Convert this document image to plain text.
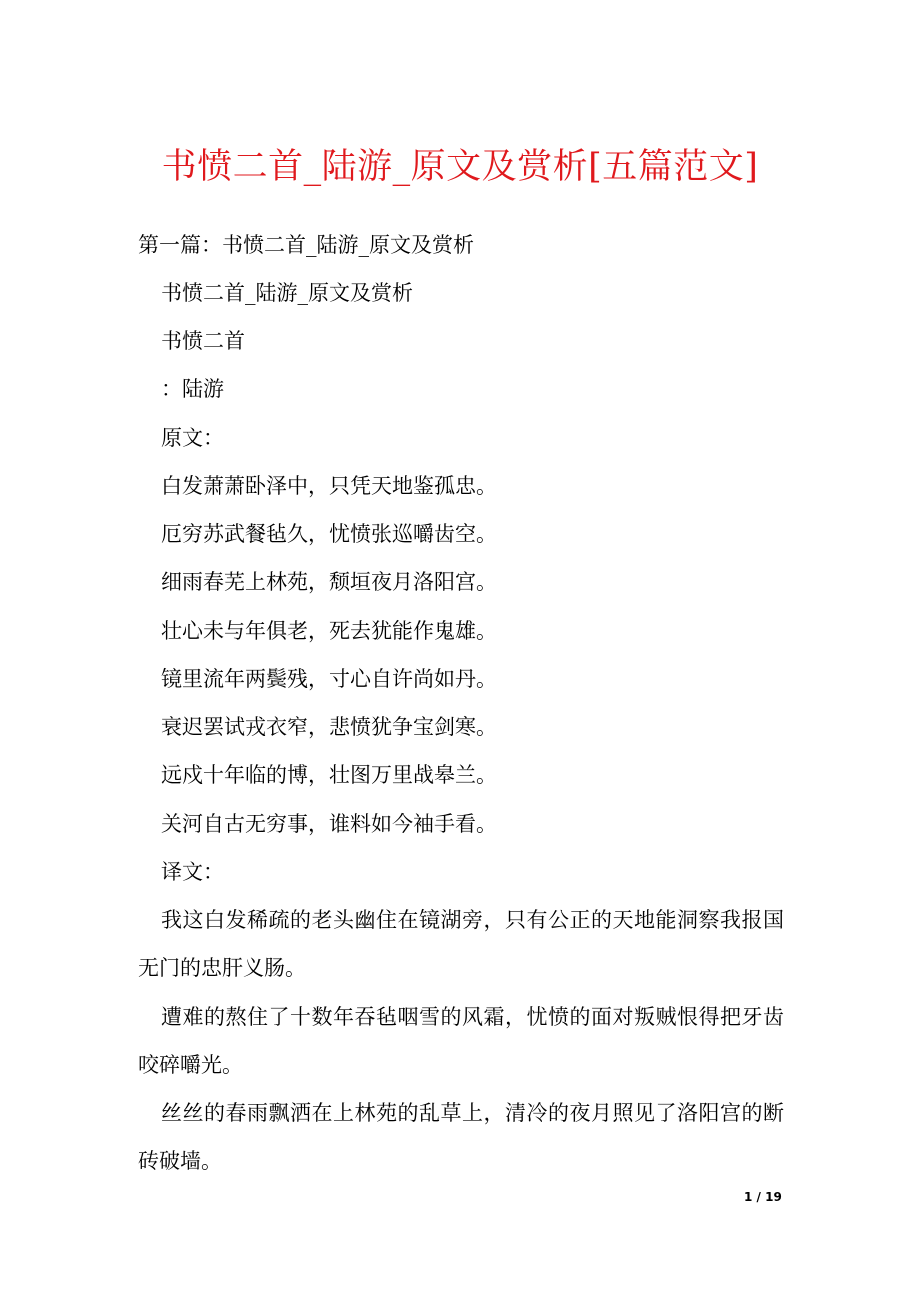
书愤二首_陆游_原文及赏析[五篇范文]
第一篇：书愤二首_陆游_原文及赏析
书愤二首_陆游_原文及赏析
书愤二首
：陆游
原文：
白发萧萧卧泽中，只凭天地鉴孤忠。
厄穷苏武餐毡久，忧愤张巡嚼齿空。
细雨春芜上林苑，颓垣夜月洛阳宫。
壮心未与年俱老，死去犹能作鬼雄。
镜里流年两鬓残，寸心自许尚如丹。
衰迟罢试戎衣窄，悲愤犹争宝剑寒。
远戍十年临的博，壮图万里战皋兰。
关河自古无穷事，谁料如今袖手看。
译文：
我这白发稀疏的老头幽住在镜湖旁，只有公正的天地能洞察我报国无门的忠肝义肠。
遭难的熬住了十数年吞毡咽雪的风霜，忧愤的面对叛贼恨得把牙齿咬碎嚼光。
丝丝的春雨飘洒在上林苑的乱草上，清冷的夜月照见了洛阳宫的断砖破墙。
1 / 19
